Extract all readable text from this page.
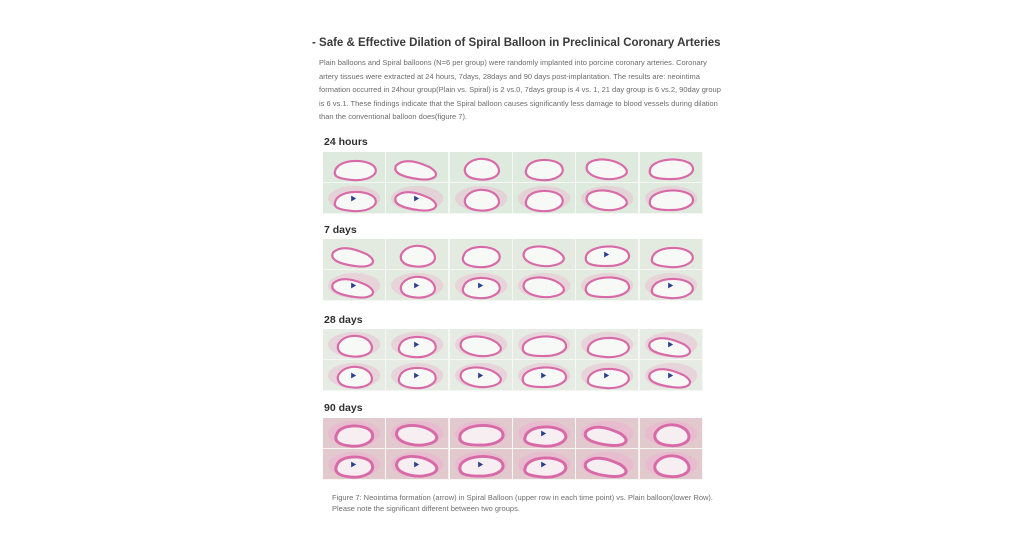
- Safe & Effective Dilation of Spiral Balloon in Preclinical Coronary Arteries
Plain balloons and Spiral balloons (N=6 per group) were randomly implanted into porcine coronary arteries. Coronary artery tissues were extracted at 24 hours, 7days, 28days and 90 days post-implantation. The results are: neointima formation occurred in 24hour group(Plain vs. Spiral) is 2 vs.0, 7days group is 4 vs. 1, 21 day group is 6 vs.2, 90day group is 6 vs.1. These findings indicate that the Spiral balloon causes significantly less damage to blood vessels during dilation than the conventional balloon does(figure 7).
24 hours
7 days
28 days
90 days
Figure 7: Neointima formation (arrow) in Spiral Balloon (upper row in each time point) vs. Plain balloon(lower Row). Please note the significant different between two groups.
